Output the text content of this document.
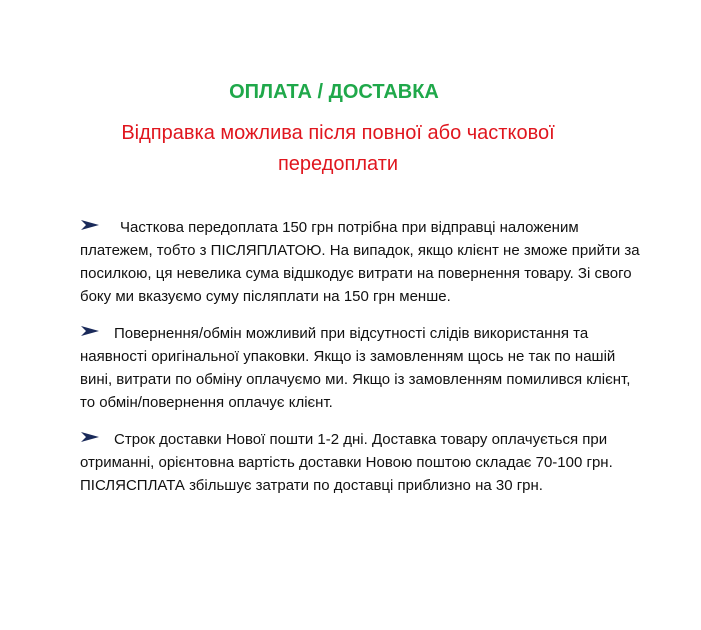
ОПЛАТА / ДОСТАВКА

Відправка можлива після повної або часткової передоплати

Часткова передоплата 150 грн потрібна при відправці наложеним платежем, тобто з ПІСЛЯПЛАТОЮ. На випадок, якщо клієнт не зможе прийти за посилкою, ця невелика сума відшкодує витрати на повернення товару. Зі свого боку ми вказуємо суму післяплати на 150 грн менше.

Повернення/обмін можливий при відсутності слідів використання та наявності оригінальної упаковки. Якщо із замовленням щось не так по нашій вині, витрати по обміну оплачуємо ми. Якщо із замовленням помилився клієнт, то обмін/повернення оплачує клієнт.

Строк доставки Нової пошти 1-2 дні. Доставка товару оплачується при отриманні, орієнтовна вартість доставки Новою поштою складає 70-100 грн. ПІСЛЯСПЛАТА збільшує затрати по доставці приблизно на 30 грн.
